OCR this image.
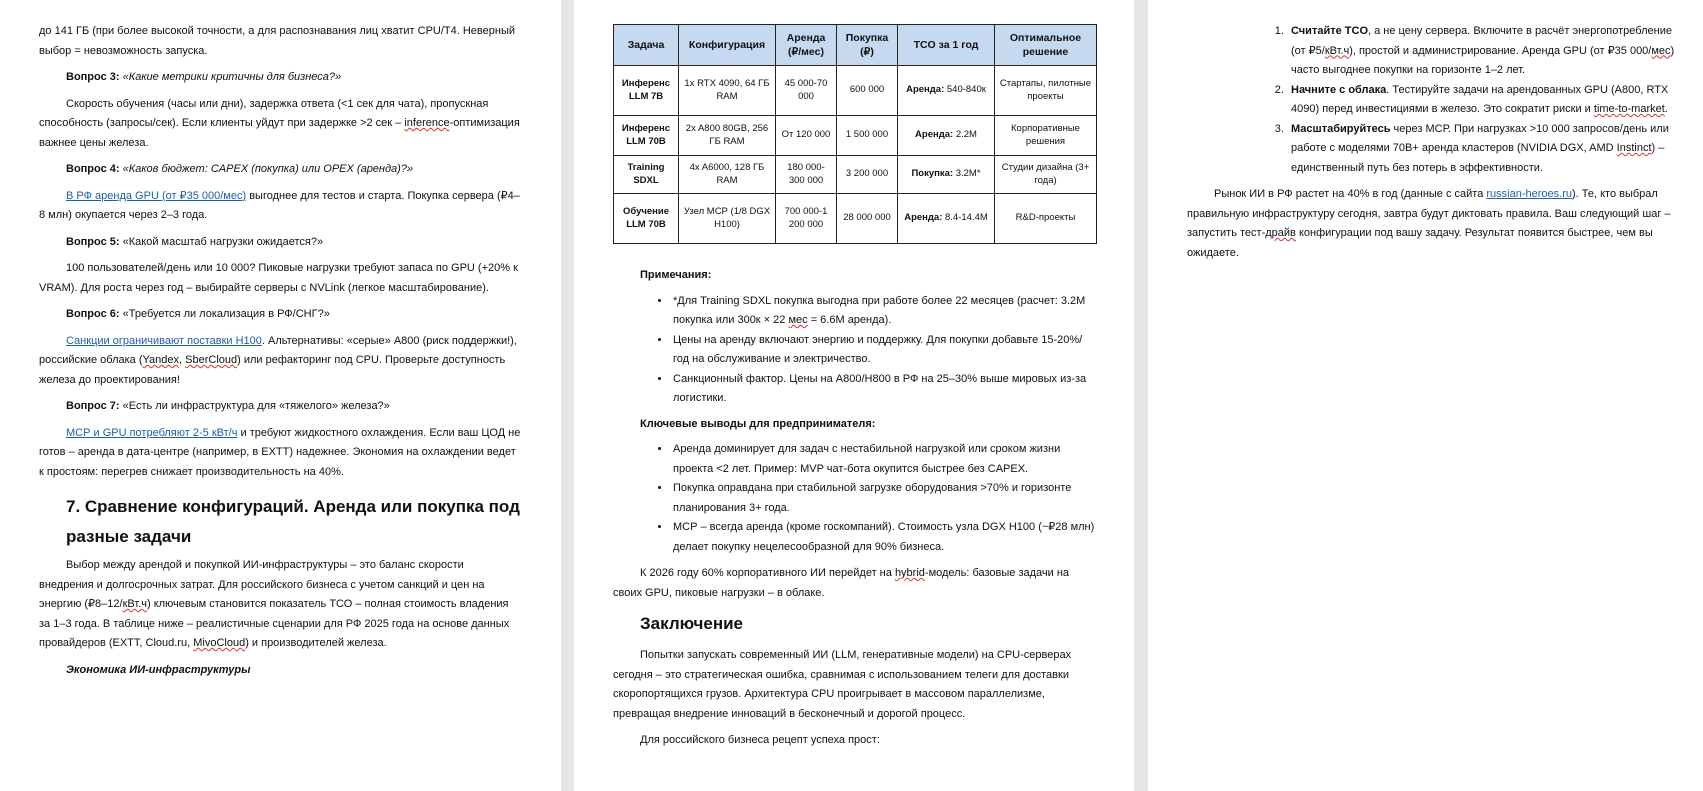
до 141 ГБ (при более высокой точности, а для распознавания лиц хватит CPU/T4. Неверный выбор = невозможность запуска.

Вопрос 3: «Какие метрики критичны для бизнеса?»

Скорость обучения (часы или дни), задержка ответа (<1 сек для чата), пропускная способность (запросы/сек). Если клиенты уйдут при задержке >2 сек – inference-оптимизация важнее цены железа.

Вопрос 4: «Каков бюджет: CAPEX (покупка) или OPEX (аренда)?»

В РФ аренда GPU (от ₽35 000/мес) выгоднее для тестов и старта. Покупка сервера (₽4–8 млн) окупается через 2–3 года.

Вопрос 5: «Какой масштаб нагрузки ожидается?»

100 пользователей/день или 10 000? Пиковые нагрузки требуют запаса по GPU (+20% к VRAM). Для роста через год – выбирайте серверы с NVLink (легкое масштабирование).

Вопрос 6: «Требуется ли локализация в РФ/СНГ?»

Санкции ограничивают поставки H100. Альтернативы: «серые» A800 (риск поддержки!), российские облака (Yandex, SberCloud) или рефакторинг под CPU. Проверьте доступность железа до проектирования!

Вопрос 7: «Есть ли инфраструктура для «тяжелого» железа?»

МСР и GPU потребляют 2-5 кВт/ч и требуют жидкостного охлаждения. Если ваш ЦОД не готов – аренда в дата-центре (например, в EXTT) надежнее. Экономия на охлаждении ведет к простоям: перегрев снижает производительность на 40%.

7. Сравнение конфигураций. Аренда или покупка под разные задачи

Выбор между арендой и покупкой ИИ-инфраструктуры – это баланс скорости внедрения и долгосрочных затрат. Для российского бизнеса с учетом санкций и цен на энергию (₽8–12/кВт.ч) ключевым становится показатель ТСО – полная стоимость владения за 1–3 года. В таблице ниже – реалистичные сценарии для РФ 2025 года на основе данных провайдеров (EXTT, Cloud.ru, MivoCloud) и производителей железа.

Экономика ИИ-инфраструктуры

Задача	Конфигурация	Аренда (₽/мес)	Покупка (₽)	TCO за 1 год	Оптимальное решение
Инференс LLM 7B	1x RTX 4090, 64 ГБ RAM	45 000-70 000	600 000	Аренда: 540-840к	Стартапы, пилотные проекты
Инференс LLM 70B	2x A800 80GB, 256 ГБ RAM	От 120 000	1 500 000	Аренда: 2.2M	Корпоративные решения
Training SDXL	4x A6000, 128 ГБ RAM	180 000-300 000	3 200 000	Покупка: 3.2M*	Студии дизайна (3+ года)
Обучение LLM 70B	Узел МСР (1/8 DGX H100)	700 000-1 200 000	28 000 000	Аренда: 8.4-14.4M	R&D-проекты
Примечания:
• *Для Training SDXL покупка выгодна при работе более 22 месяцев (расчет: 3.2M покупка или 300к × 22 мес = 6.6M аренда).
• Цены на аренду включают энергию и поддержку. Для покупки добавьте 15-20%/год на обслуживание и электричество.
• Санкционный фактор. Цены на A800/H800 в РФ на 25–30% выше мировых из-за логистики.
Ключевые выводы для предпринимателя:
• Аренда доминирует для задач с нестабильной нагрузкой или сроком жизни проекта <2 лет. Пример: MVP чат-бота окупится быстрее без CAPEX.
• Покупка оправдана при стабильной загрузке оборудования >70% и горизонте планирования 3+ года.
• МСР – всегда аренда (кроме госкомпаний). Стоимость узла DGX H100 (~₽28 млн) делает покупку нецелесообразной для 90% бизнеса.

К 2026 году 60% корпоративного ИИ перейдет на hybrid-модель: базовые задачи на своих GPU, пиковые нагрузки – в облаке.

Заключение

Попытки запускать современный ИИ (LLM, генеративные модели) на CPU-серверах сегодня – это стратегическая ошибка, сравнимая с использованием телеги для доставки скоропортящихся грузов. Архитектура CPU проигрывает в массовом параллелизме, превращая внедрение инноваций в бесконечный и дорогой процесс.

Для российского бизнеса рецепт успеха прост:

1. Считайте TCO, а не цену сервера. Включите в расчёт энергопотребление (от ₽5/кВт.ч), простой и администрирование. Аренда GPU (от ₽35 000/мес) часто выгоднее покупки на горизонте 1–2 лет.
2. Начните с облака. Тестируйте задачи на арендованных GPU (A800, RTX 4090) перед инвестициями в железо. Это сократит риски и time-to-market.
3. Масштабируйтесь через МСР. При нагрузках >10 000 запросов/день или работе с моделями 70B+ аренда кластеров (NVIDIA DGX, AMD Instinct) – единственный путь без потерь в эффективности.

Рынок ИИ в РФ растет на 40% в год (данные с сайта russian-heroes.ru). Те, кто выбрал правильную инфраструктуру сегодня, завтра будут диктовать правила. Ваш следующий шаг – запустить тест-драйв конфигурации под вашу задачу. Результат появится быстрее, чем вы ожидаете.
